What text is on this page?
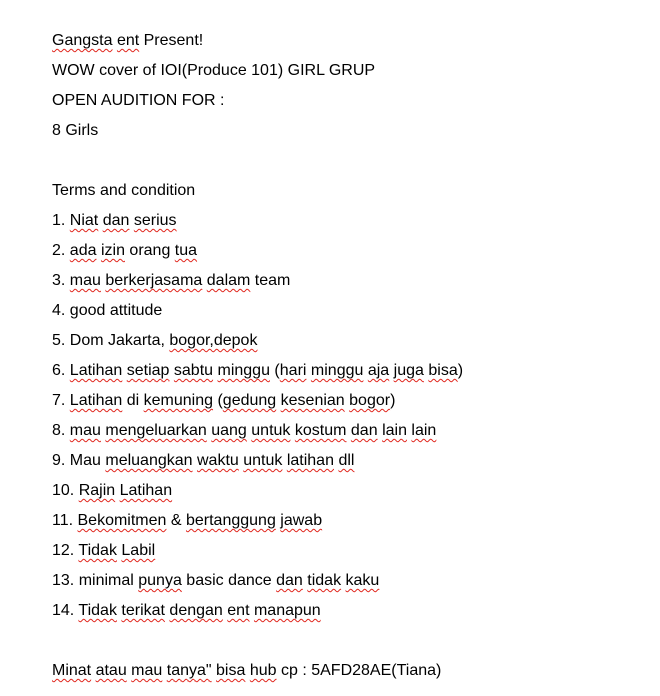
Gangsta ent Present!
WOW cover of IOI(Produce 101) GIRL GRUP
OPEN AUDITION FOR :
8 Girls
Terms and condition
1. Niat dan serius
2. ada izin orang tua
3. mau berkerjasama dalam team
4. good attitude
5. Dom Jakarta, bogor,depok
6. Latihan setiap sabtu minggu (hari minggu aja juga bisa)
7. Latihan di kemuning (gedung kesenian bogor)
8. mau mengeluarkan uang untuk kostum dan lain lain
9. Mau meluangkan waktu untuk latihan dll
10. Rajin Latihan
11. Bekomitmen & bertanggung jawab
12. Tidak Labil
13. minimal punya basic dance dan tidak kaku
14. Tidak terikat dengan ent manapun
Minat atau mau tanya" bisa hub cp : 5AFD28AE(Tiana)
